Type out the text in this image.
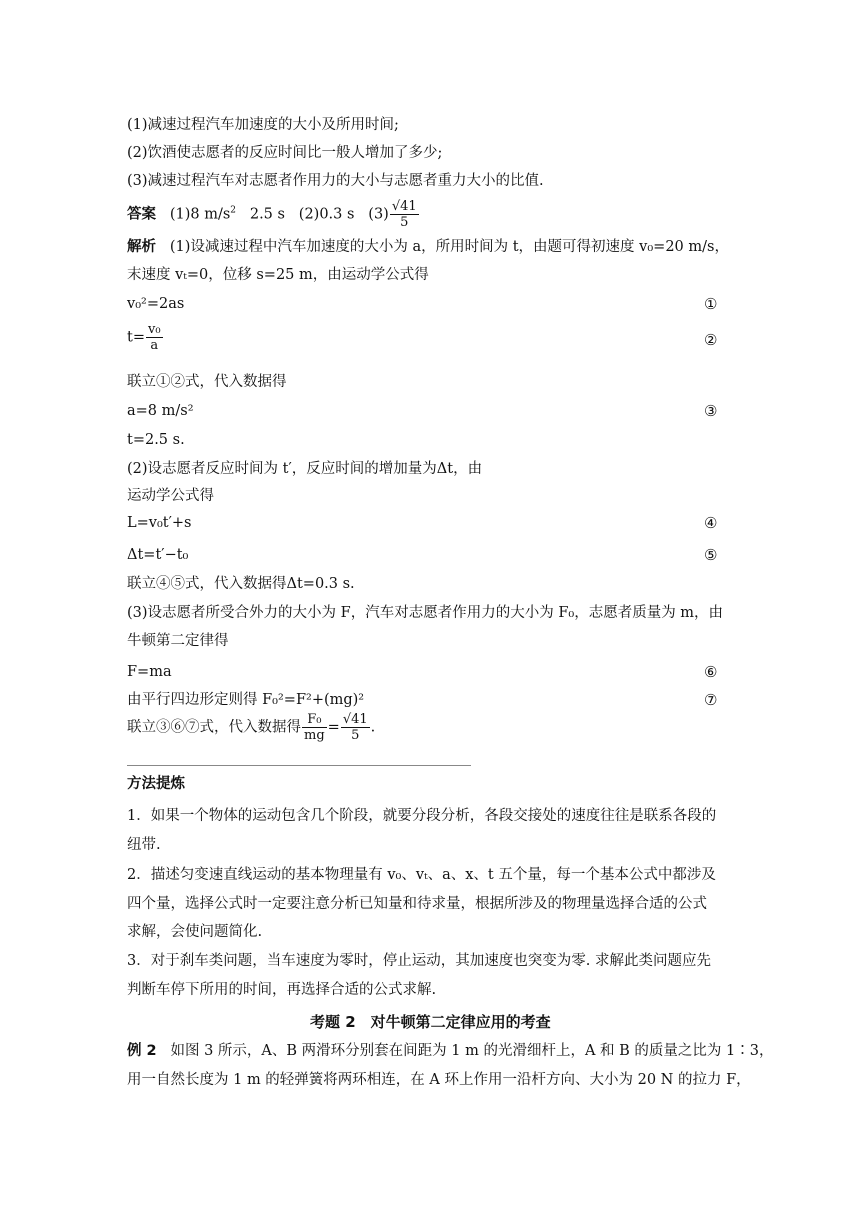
(1)减速过程汽车加速度的大小及所用时间;
(2)饮酒使志愿者的反应时间比一般人增加了多少;
(3)减速过程汽车对志愿者作用力的大小与志愿者重力大小的比值.
答案 (1)8 $m/s^2$ 2.5 s (2)0.3 s $(3) \frac{√41}{5}$
解析 (1)设减速过程中汽车加速度的大小为 a，所用时间为 t，由题可得初速度 v₀=20 m/s，
末速度 vₜ=0，位移 s=25 m，由运动学公式得
v₀²=2as	①
$t= \frac{\text{v₀}}{a}$	②
联立①②式，代入数据得
a=8 m/s²	③
t=2.5 s.
(2)设志愿者反应时间为 t′，反应时间的增加量为Δt，由
运动学公式得
L=v₀t′+s	④
Δt=t′−t₀	⑤
联立④⑤式，代入数据得Δt=0.3 s.
(3)设志愿者所受合外力的大小为 F，汽车对志愿者作用力的大小为 F₀，志愿者质量为 m，由
牛顿第二定律得
F=ma	⑥
由平行四边形定则得 F₀²=F²+(mg)²	⑦
联立③⑥⑦式，代入数据得 $\frac{\text{F₀}}{mg} = \frac{√41}{5}$ .
方法提炼
1．如果一个物体的运动包含几个阶段，就要分段分析，各段交接处的速度往往是联系各段的
纽带.
2．描述匀变速直线运动的基本物理量有 v₀、vₜ、a、x、t 五个量，每一个基本公式中都涉及
四个量，选择公式时一定要注意分析已知量和待求量，根据所涉及的物理量选择合适的公式
求解，会使问题简化.
3．对于刹车类问题，当车速度为零时，停止运动，其加速度也突变为零. 求解此类问题应先
判断车停下所用的时间，再选择合适的公式求解.
考题 2　对牛顿第二定律应用的考查
例 2 如图 3 所示，A、B 两滑环分别套在间距为 1 m 的光滑细杆上，A 和 B 的质量之比为 1∶3，
用一自然长度为 1 m 的轻弹簧将两环相连，在 A 环上作用一沿杆方向、大小为 20 N 的拉力 F，
